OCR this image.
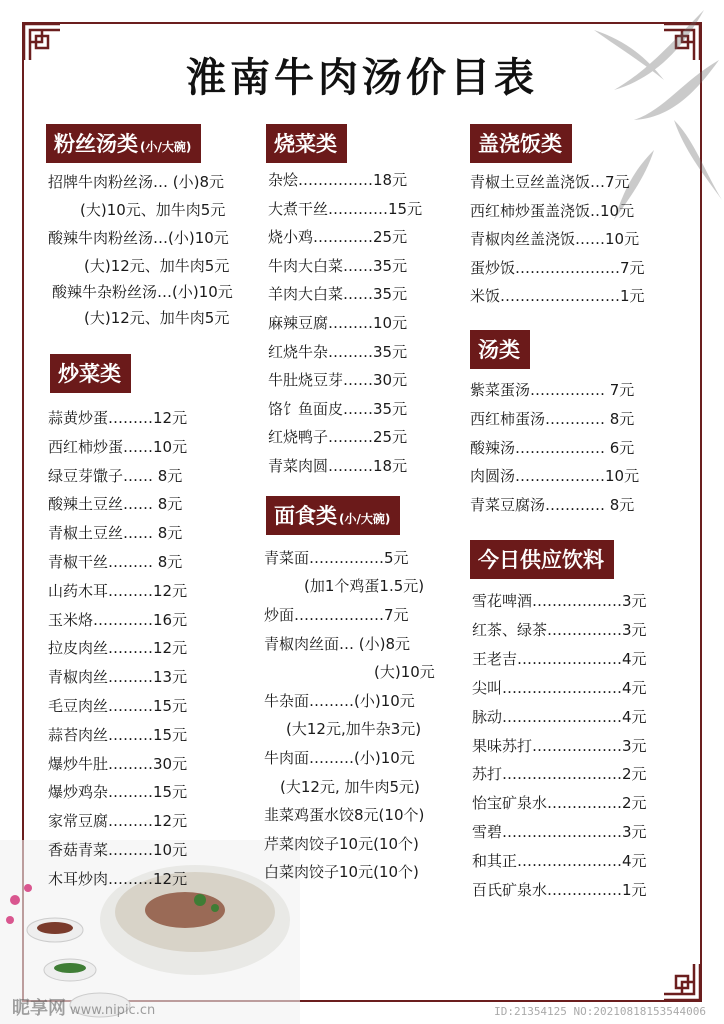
淮南牛肉汤价目表
粉丝汤类 (小/大碗)
招牌牛肉粉丝汤… (小)8元
(大)10元、加牛肉5元
酸辣牛肉粉丝汤…(小)10元
(大)12元、加牛肉5元
酸辣牛杂粉丝汤…(小)10元
(大)12元、加牛肉5元
炒菜类
蒜黄炒蛋………12元
西红柿炒蛋……10元
绿豆芽馓子…… 8元
酸辣土豆丝…… 8元
青椒土豆丝…… 8元
青椒干丝……… 8元
山药木耳………12元
玉米烙…………16元
拉皮肉丝………12元
青椒肉丝………13元
毛豆肉丝………15元
蒜苔肉丝………15元
爆炒牛肚………30元
爆炒鸡杂………15元
家常豆腐………12元
香菇青菜………10元
木耳炒肉………12元
烧菜类
杂烩……………18元
大煮干丝…………15元
烧小鸡…………25元
牛肉大白菜……35元
羊肉大白菜……35元
麻辣豆腐………10元
红烧牛杂………35元
牛肚烧豆芽……30元
饹饣鱼面皮……35元
红烧鸭子………25元
青菜肉圆………18元
面食类 (小/大碗)
青菜面……………5元
(加1个鸡蛋1.5元)
炒面………………7元
青椒肉丝面… (小)8元
(大)10元
牛杂面………(小)10元
(大12元,加牛杂3元)
牛肉面………(小)10元
(大12元, 加牛肉5元)
韭菜鸡蛋水饺8元(10个)
芹菜肉饺子10元(10个)
白菜肉饺子10元(10个)
盖浇饭类
青椒土豆丝盖浇饭…7元
西红柿炒蛋盖浇饭‥10元
青椒肉丝盖浇饭……10元
蛋炒饭…………………7元
米饭……………………1元
汤类
紫菜蛋汤…………… 7元
西红柿蛋汤………… 8元
酸辣汤……………… 6元
肉圆汤………………10元
青菜豆腐汤………… 8元
今日供应饮料
雪花啤酒………………3元
红茶、绿茶……………3元
王老吉…………………4元
尖叫……………………4元
脉动……………………4元
果味苏打………………3元
苏打……………………2元
怡宝矿泉水……………2元
雪碧……………………3元
和其正…………………4元
百氏矿泉水……………1元
昵享网 www.nipic.cn	ID:21354125 NO:20210818153544006
